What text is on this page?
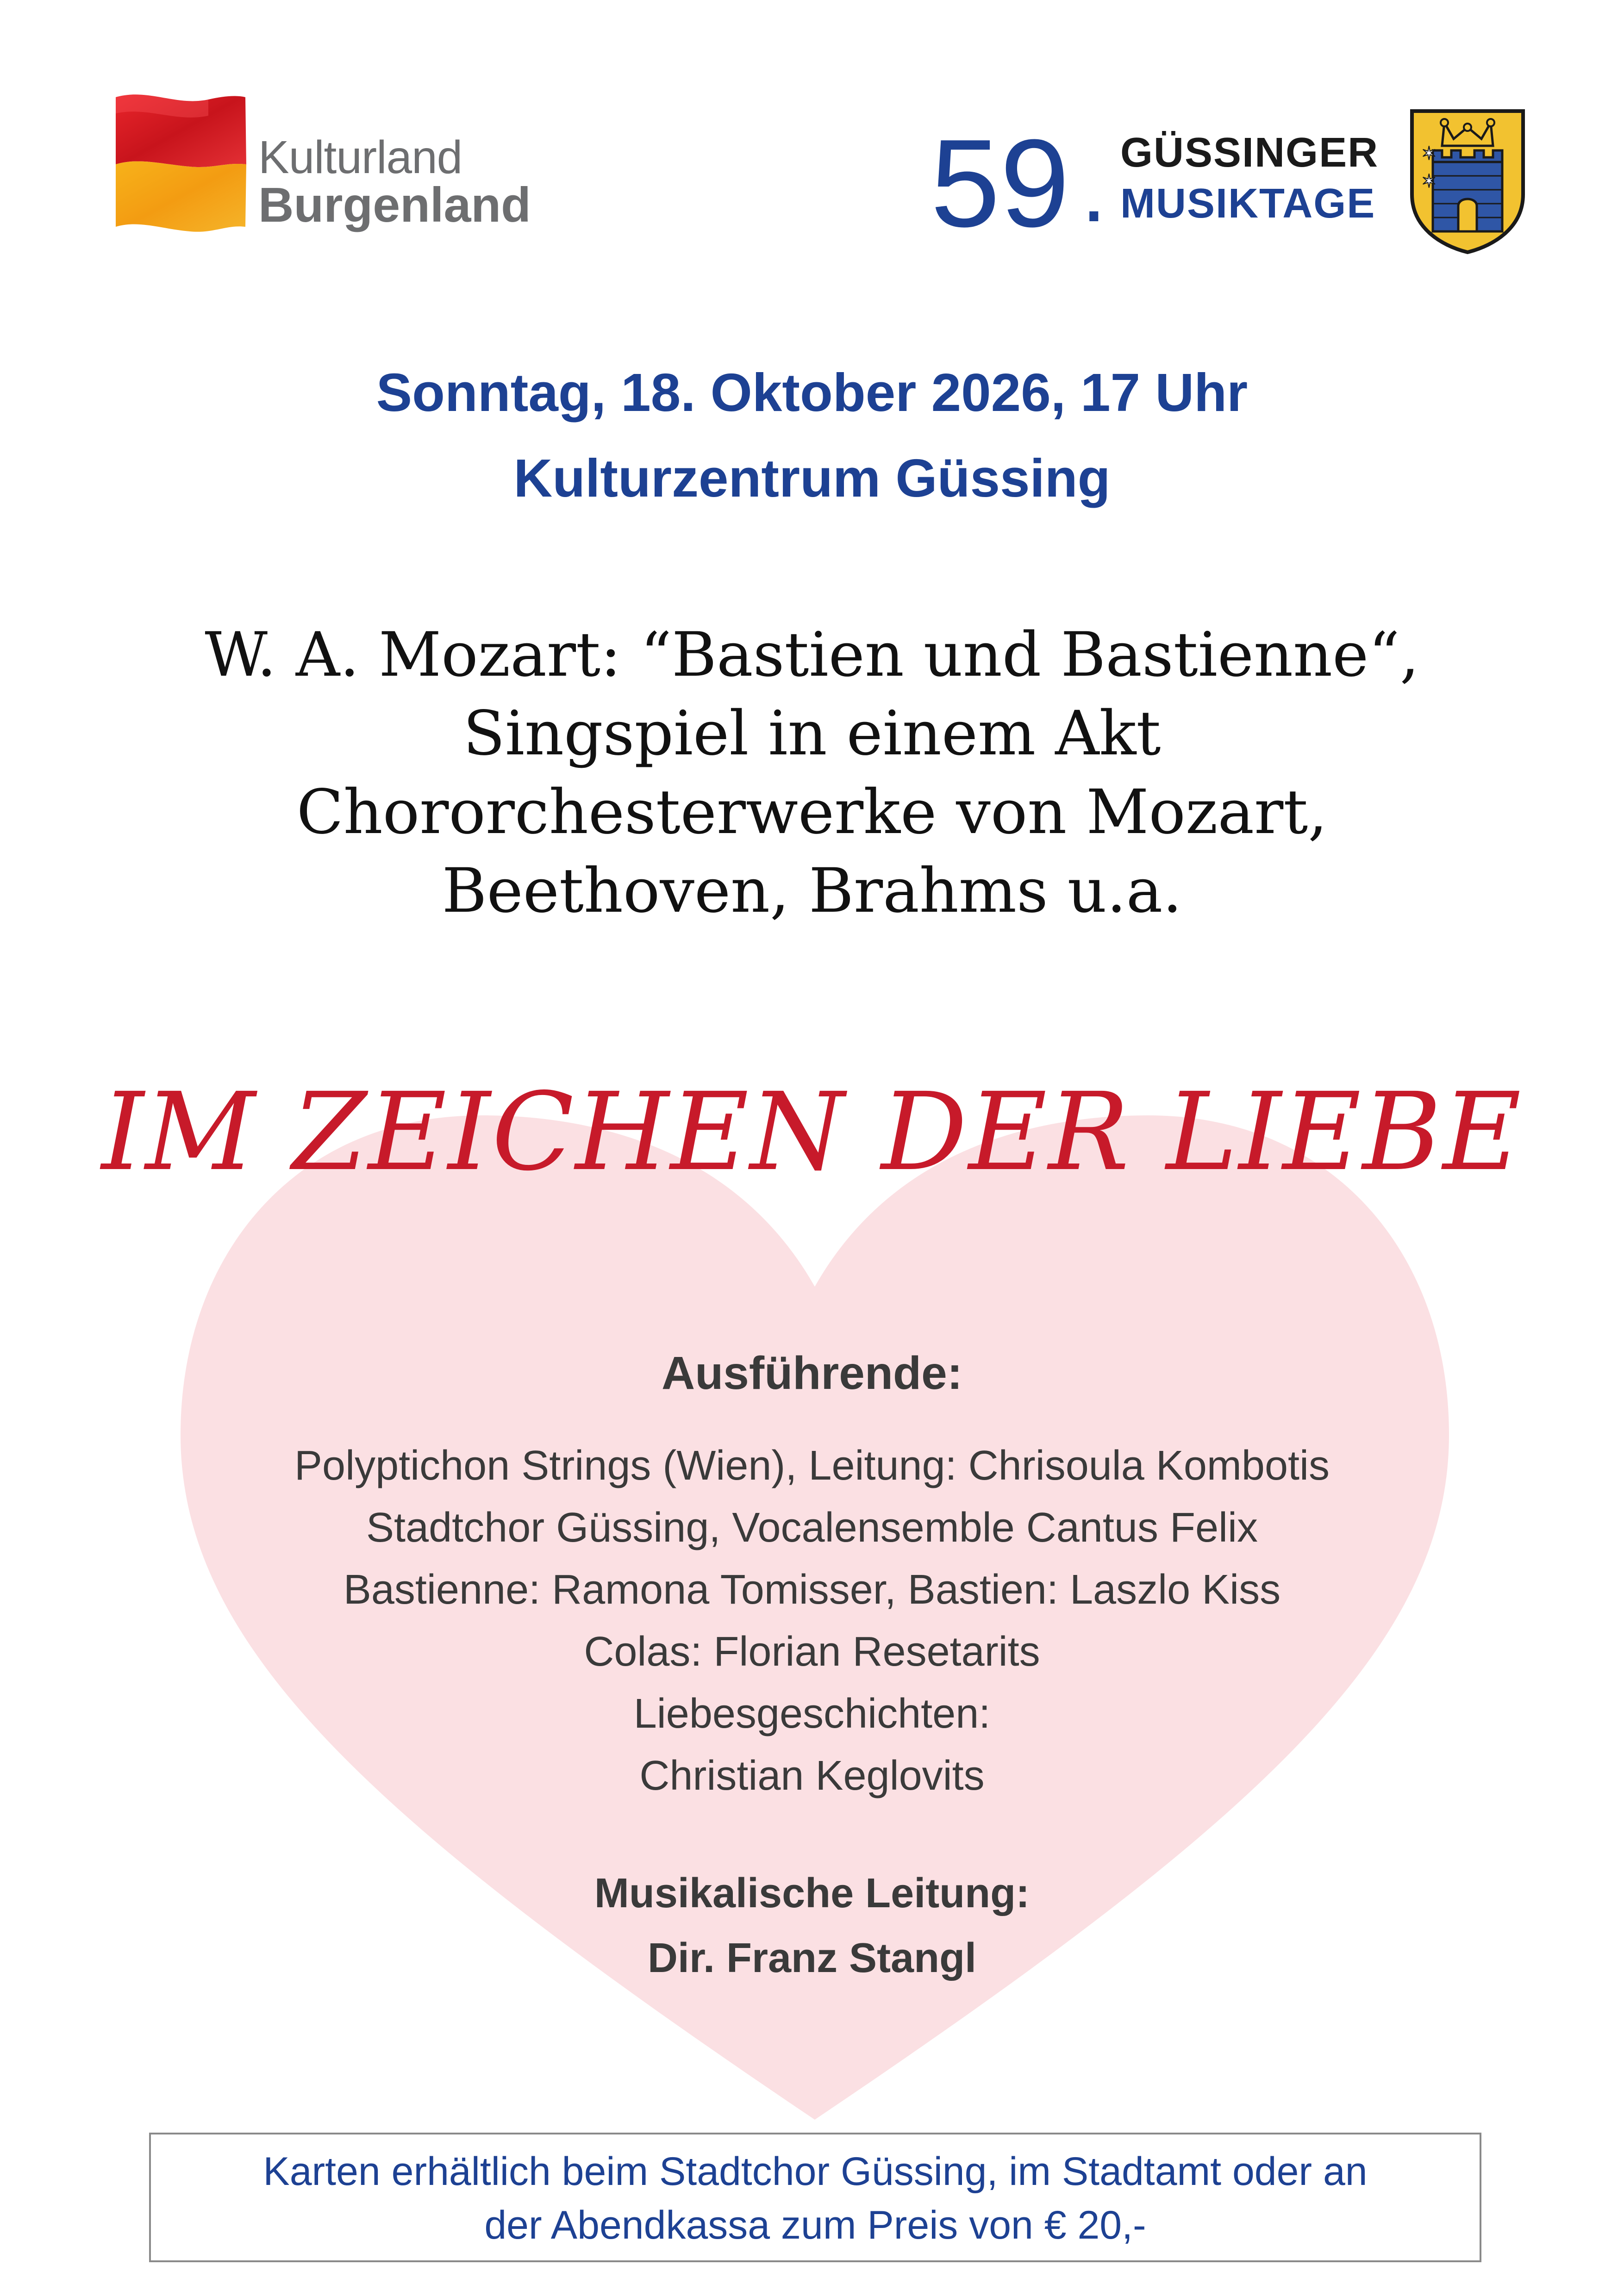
Kulturland
Burgenland	59 . GÜSSINGER
MUSIKTAGE
✶
✶
Sonntag, 18. Oktober 2026, 17 Uhr
Kulturzentrum Güssing
W. A. Mozart: “Bastien und Bastienne“,
Singspiel in einem Akt
Chororchesterwerke von Mozart,
Beethoven, Brahms u.a.
IM ZEICHEN DER LIEBE
Ausführende:
Polyptichon Strings (Wien), Leitung: Chrisoula Kombotis
Stadtchor Güssing, Vocalensemble Cantus Felix
Bastienne: Ramona Tomisser, Bastien: Laszlo Kiss
Colas: Florian Resetarits
Liebesgeschichten:
Christian Keglovits
Musikalische Leitung:
Dir. Franz Stangl
Karten erhältlich beim Stadtchor Güssing, im Stadtamt oder an
der Abendkassa zum Preis von € 20,-
